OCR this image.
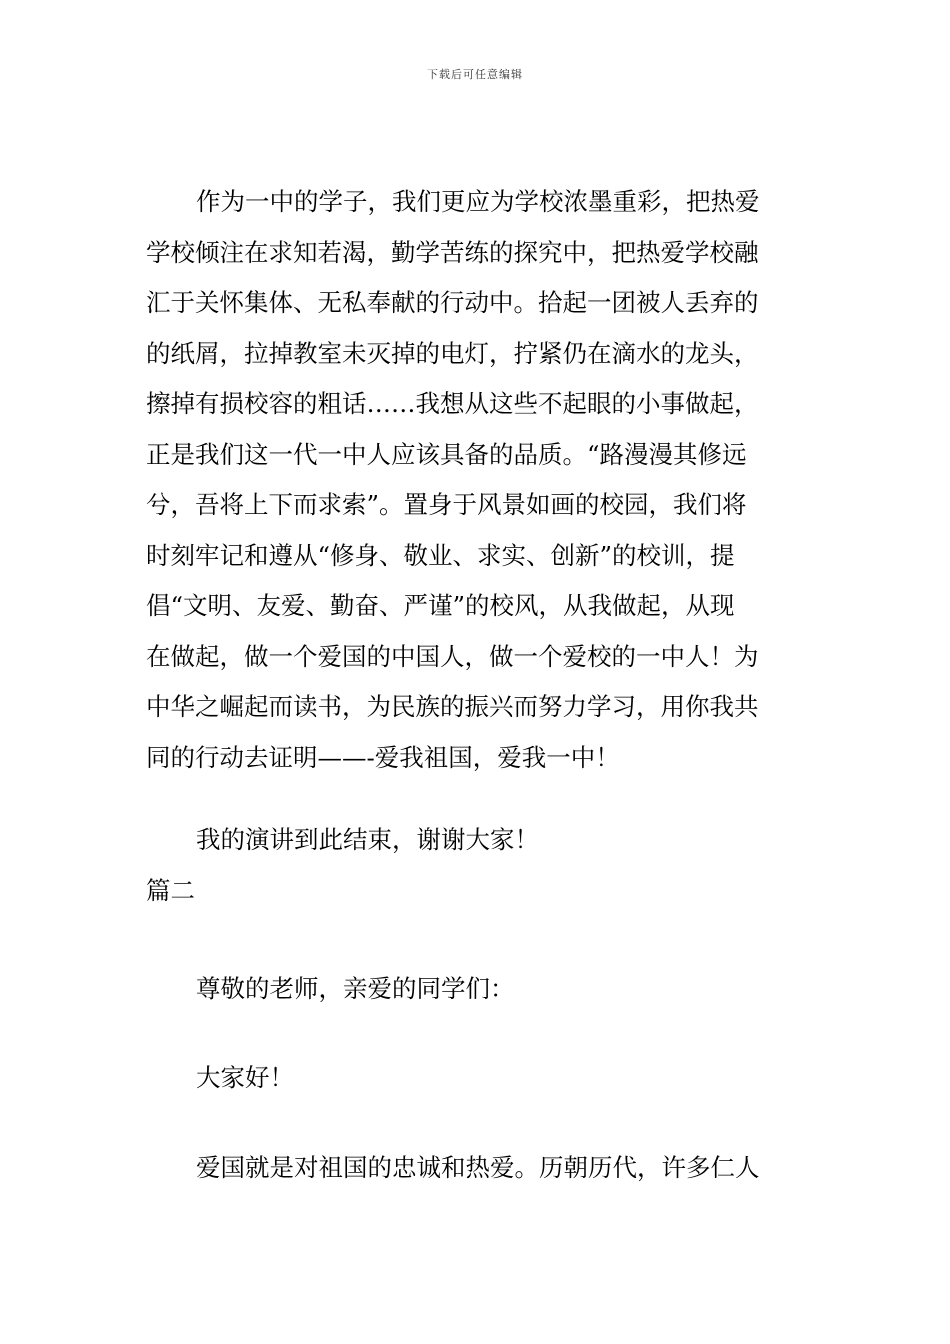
下载后可任意编辑
作为一中的学子，我们更应为学校浓墨重彩，把热爱
学校倾注在求知若渴，勤学苦练的探究中，把热爱学校融
汇于关怀集体、无私奉献的行动中。拾起一团被人丢弃的
的纸屑，拉掉教室未灭掉的电灯，拧紧仍在滴水的龙头，
擦掉有损校容的粗话……我想从这些不起眼的小事做起，
正是我们这一代一中人应该具备的品质。“路漫漫其修远
兮，吾将上下而求索”。置身于风景如画的校园，我们将
时刻牢记和遵从“修身、敬业、求实、创新”的校训，提
倡“文明、友爱、勤奋、严谨”的校风，从我做起，从现
在做起，做一个爱国的中国人，做一个爱校的一中人！为
中华之崛起而读书，为民族的振兴而努力学习，用你我共
同的行动去证明——-爱我祖国，爱我一中！
我的演讲到此结束，谢谢大家！
篇二
尊敬的老师，亲爱的同学们：
大家好！
爱国就是对祖国的忠诚和热爱。历朝历代，许多仁人
